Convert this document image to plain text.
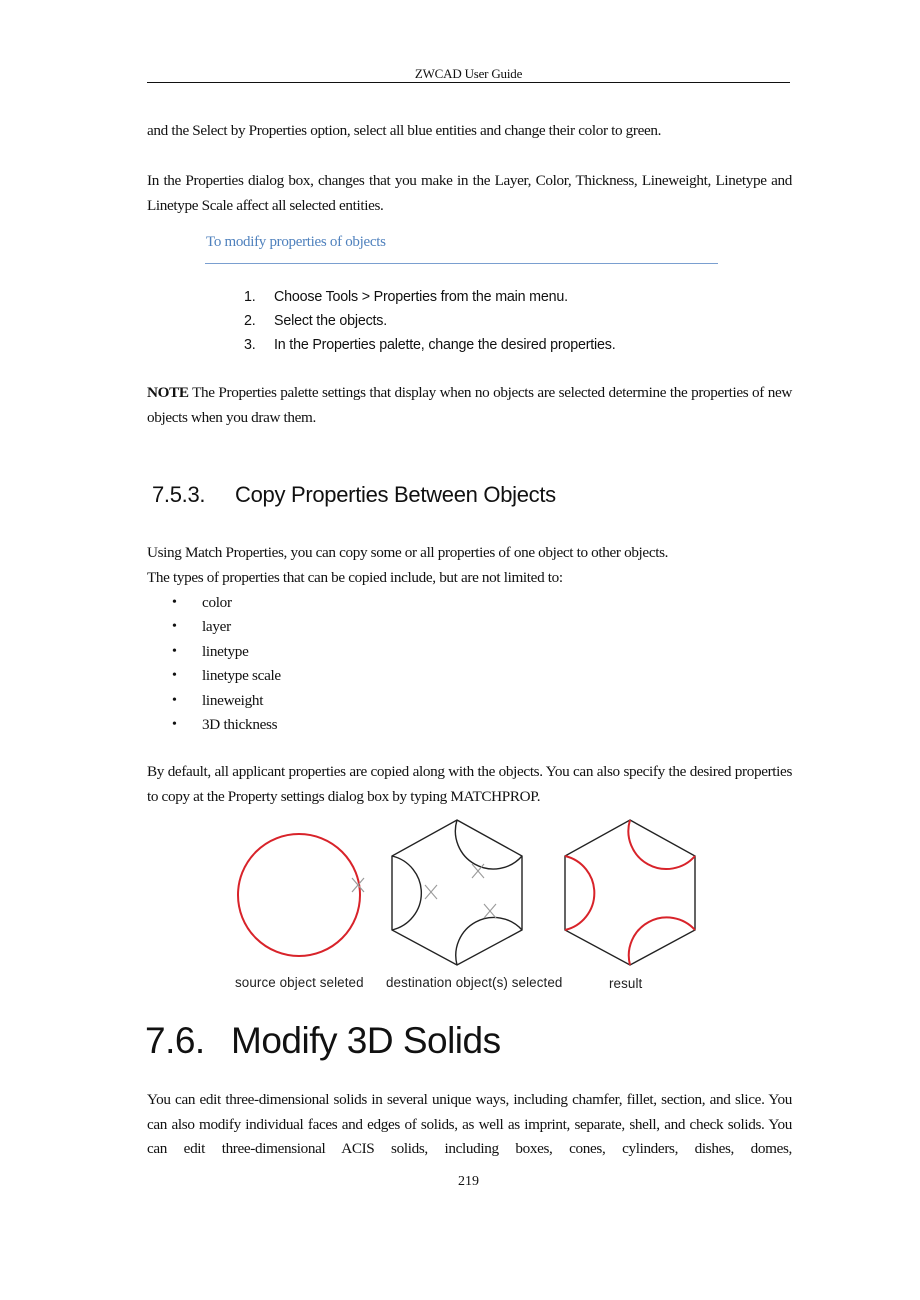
ZWCAD User Guide

and the Select by Properties option, select all blue entities and change their color to green.

In the Properties dialog box, changes that you make in the Layer, Color, Thickness, Lineweight, Linetype and Linetype Scale affect all selected entities.

To modify properties of objects
1.	Choose Tools > Properties from the main menu.
2.	Select the objects.
3.	In the Properties palette, change the desired properties.

NOTE The Properties palette settings that display when no objects are selected determine the properties of new objects when you draw them.

7.5.3. Copy Properties Between Objects

Using Match Properties, you can copy some or all properties of one object to other objects.

The types of properties that can be copied include, but are not limited to:

•	color
•	layer
•	linetype
•	linetype scale
•	lineweight
•	3D thickness

By default, all applicant properties are copied along with the objects. You can also specify the desired properties to copy at the Property settings dialog box by typing MATCHPROP.

source object seleted destination object(s) selected	result
7.6. Modify 3D Solids

You can edit three-dimensional solids in several unique ways, including chamfer, fillet, section, and slice. You can also modify individual faces and edges of solids, as well as imprint, separate, shell, and check solids. You can edit three-dimensional ACIS solids, including boxes, cones, cylinders, dishes, domes,

219
